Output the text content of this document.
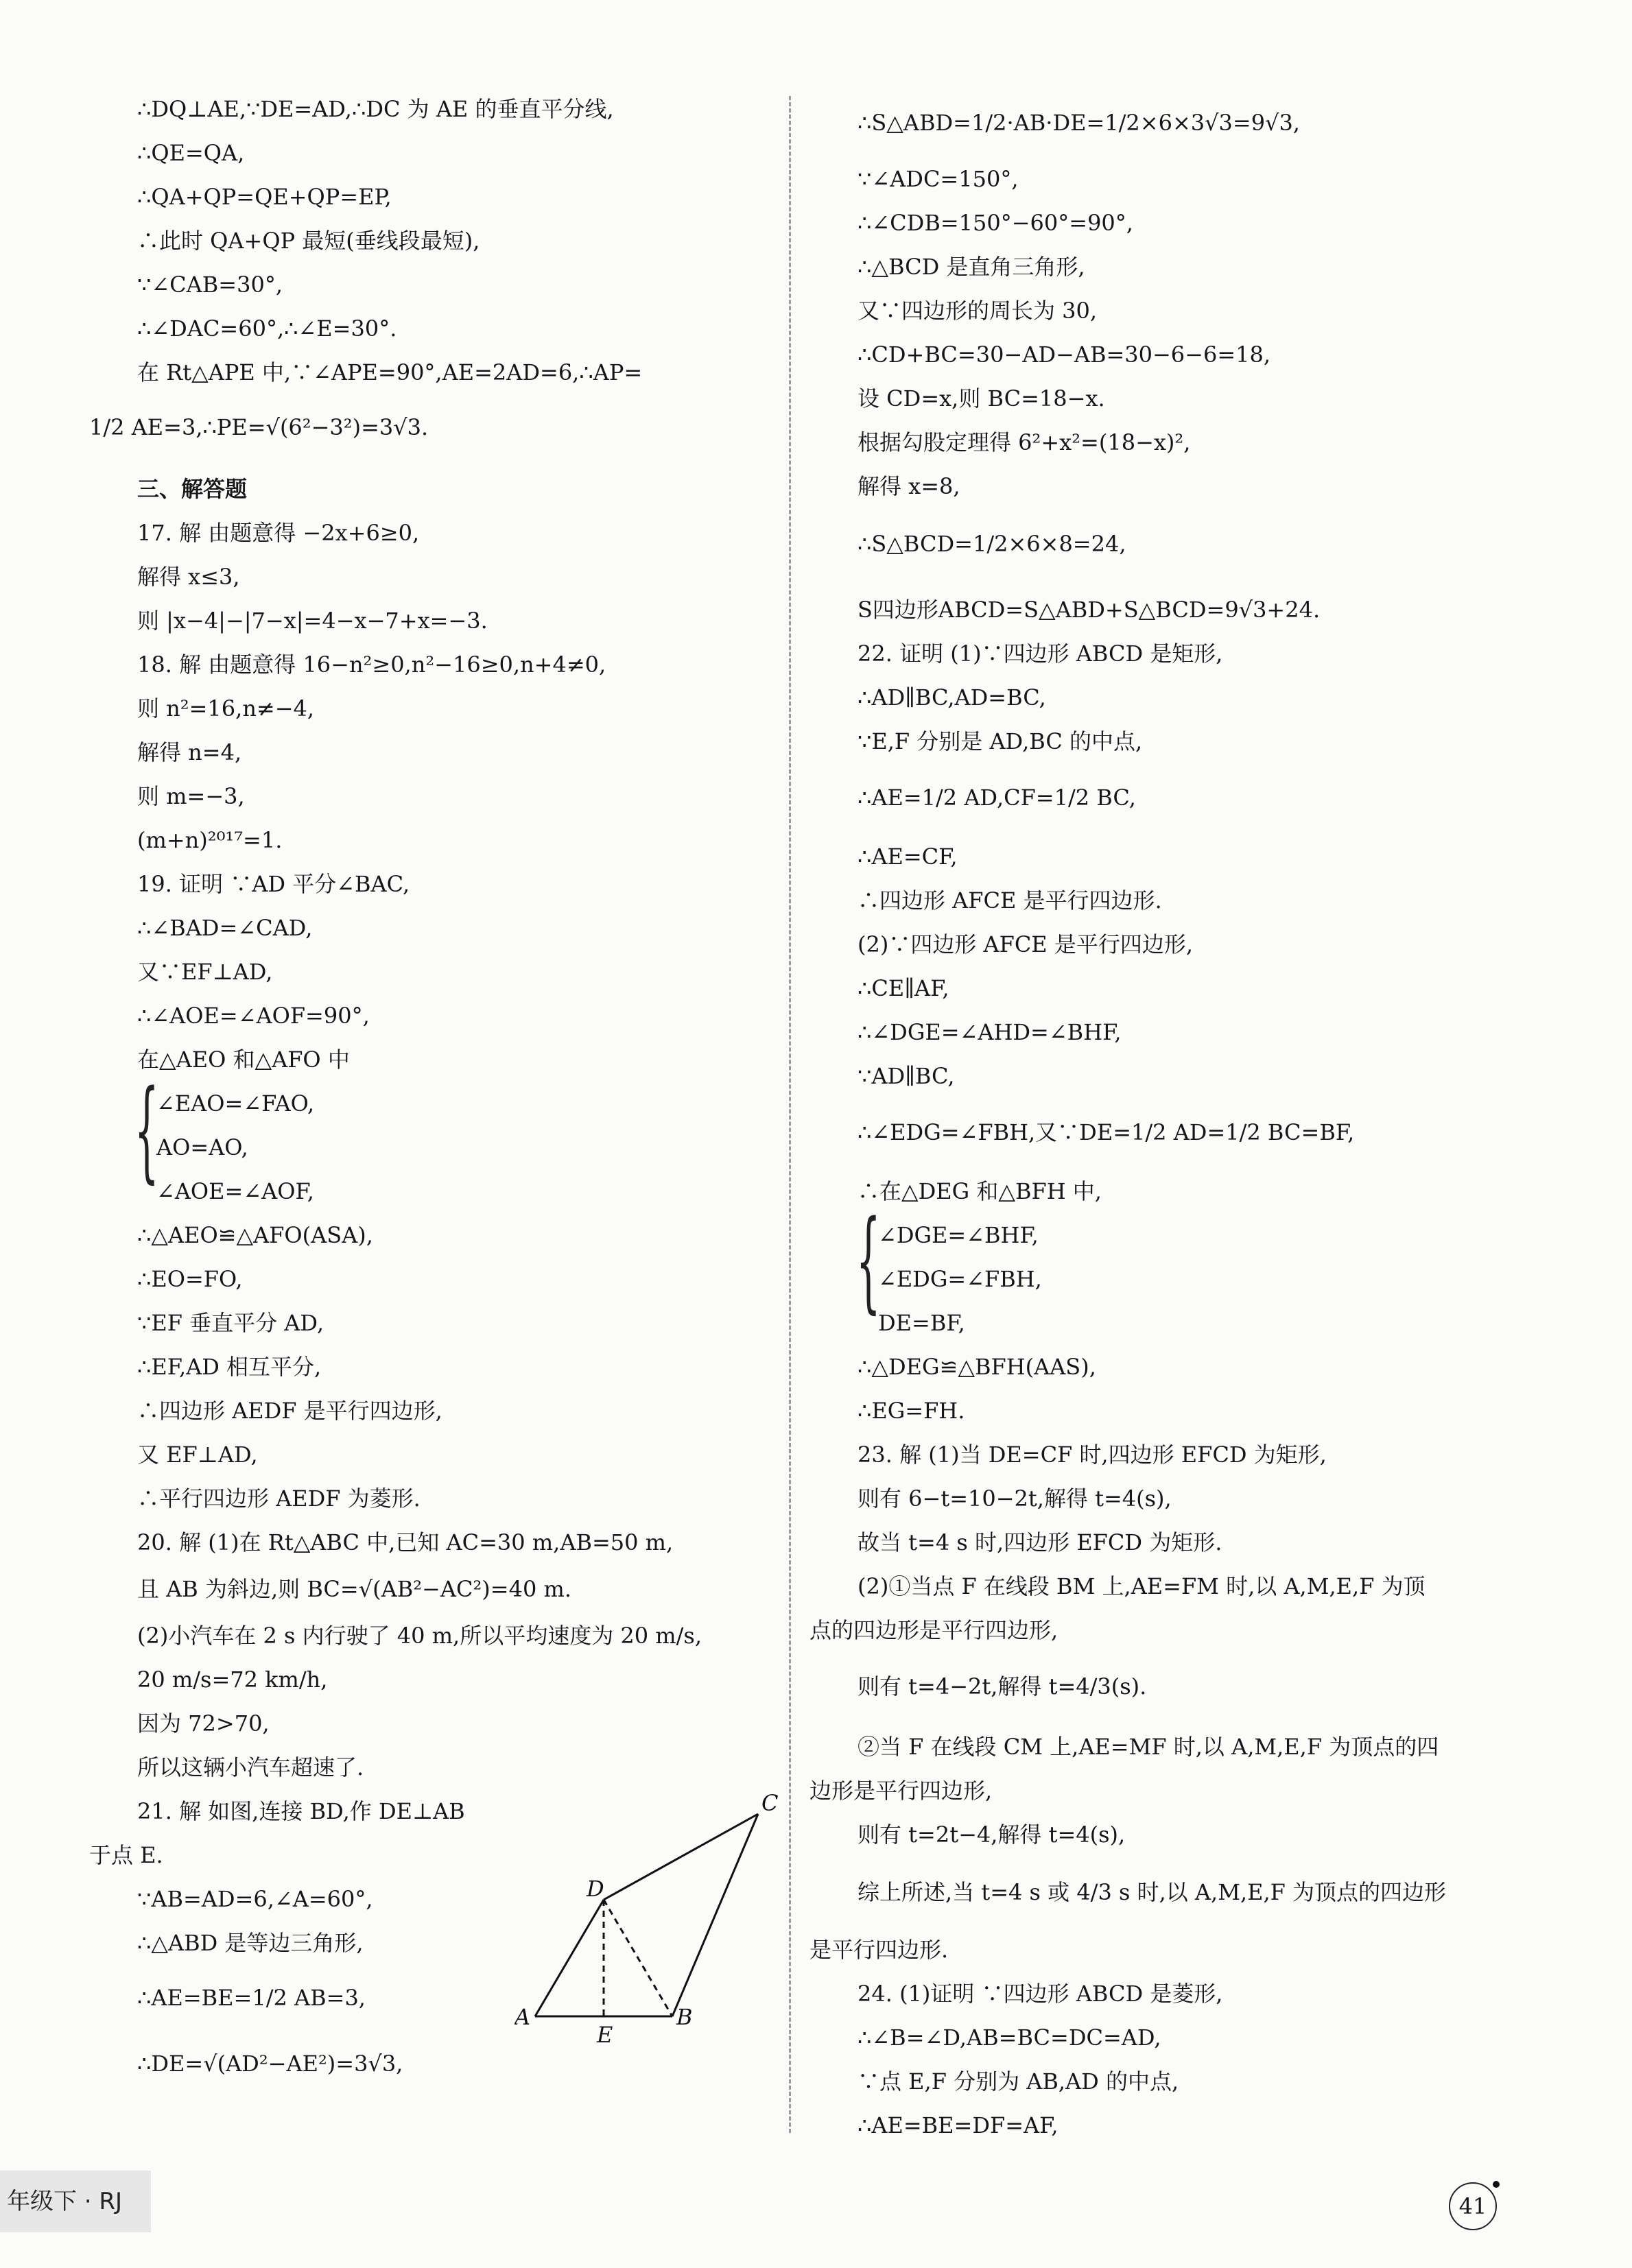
∴DQ⊥AE,∵DE=AD,∴DC 为 AE 的垂直平分线,
∴QE=QA,
∴QA+QP=QE+QP=EP,
∴此时 QA+QP 最短(垂线段最短),
∵∠CAB=30°,
∴∠DAC=60°,∴∠E=30°.
在 Rt△APE 中,∵∠APE=90°,AE=2AD=6,∴AP=
1/2 AE=3,∴PE=√(6²−3²)=3√3.
三、解答题
17. 解 由题意得 −2x+6≥0,
解得 x≤3,
则 |x−4|−|7−x|=4−x−7+x=−3.
18. 解 由题意得 16−n²≥0,n²−16≥0,n+4≠0,
则 n²=16,n≠−4,
解得 n=4,
则 m=−3,
(m+n)²⁰¹⁷=1.
19. 证明 ∵AD 平分∠BAC,
∴∠BAD=∠CAD,
又∵EF⊥AD,
∴∠AOE=∠AOF=90°,
在△AEO 和△AFO 中
{
∠EAO=∠FAO,
AO=AO,
∠AOE=∠AOF,
∴△AEO≌△AFO(ASA),
∴EO=FO,
∵EF 垂直平分 AD,
∴EF,AD 相互平分,
∴四边形 AEDF 是平行四边形,
又 EF⊥AD,
∴平行四边形 AEDF 为菱形.
20. 解 (1)在 Rt△ABC 中,已知 AC=30 m,AB=50 m,
且 AB 为斜边,则 BC=√(AB²−AC²)=40 m.
(2)小汽车在 2 s 内行驶了 40 m,所以平均速度为 20 m/s,
20 m/s=72 km/h,
因为 72>70,
所以这辆小汽车超速了.
21. 解 如图,连接 BD,作 DE⊥AB
于点 E.
∵AB=AD=6,∠A=60°,
∴△ABD 是等边三角形,
∴AE=BE=1/2 AB=3,
∴DE=√(AD²−AE²)=3√3,
C
D
A
E
B
∴S△ABD=1/2·AB·DE=1/2×6×3√3=9√3,
∵∠ADC=150°,
∴∠CDB=150°−60°=90°,
∴△BCD 是直角三角形,
又∵四边形的周长为 30,
∴CD+BC=30−AD−AB=30−6−6=18,
设 CD=x,则 BC=18−x.
根据勾股定理得 6²+x²=(18−x)²,
解得 x=8,
∴S△BCD=1/2×6×8=24,
S四边形ABCD=S△ABD+S△BCD=9√3+24.
22. 证明 (1)∵四边形 ABCD 是矩形,
∴AD∥BC,AD=BC,
∵E,F 分别是 AD,BC 的中点,
∴AE=1/2 AD,CF=1/2 BC,
∴AE=CF,
∴四边形 AFCE 是平行四边形.
(2)∵四边形 AFCE 是平行四边形,
∴CE∥AF,
∴∠DGE=∠AHD=∠BHF,
∵AD∥BC,
∴∠EDG=∠FBH,又∵DE=1/2 AD=1/2 BC=BF,
∴在△DEG 和△BFH 中,
{
∠DGE=∠BHF,
∠EDG=∠FBH,
DE=BF,
∴△DEG≌△BFH(AAS),
∴EG=FH.
23. 解 (1)当 DE=CF 时,四边形 EFCD 为矩形,
则有 6−t=10−2t,解得 t=4(s),
故当 t=4 s 时,四边形 EFCD 为矩形.
(2)①当点 F 在线段 BM 上,AE=FM 时,以 A,M,E,F 为顶
点的四边形是平行四边形,
则有 t=4−2t,解得 t=4/3(s).
②当 F 在线段 CM 上,AE=MF 时,以 A,M,E,F 为顶点的四
边形是平行四边形,
则有 t=2t−4,解得 t=4(s),
综上所述,当 t=4 s 或 4/3 s 时,以 A,M,E,F 为顶点的四边形
是平行四边形.
24. (1)证明 ∵四边形 ABCD 是菱形,
∴∠B=∠D,AB=BC=DC=AD,
∵点 E,F 分别为 AB,AD 的中点,
∴AE=BE=DF=AF,
年级下 · RJ	41
